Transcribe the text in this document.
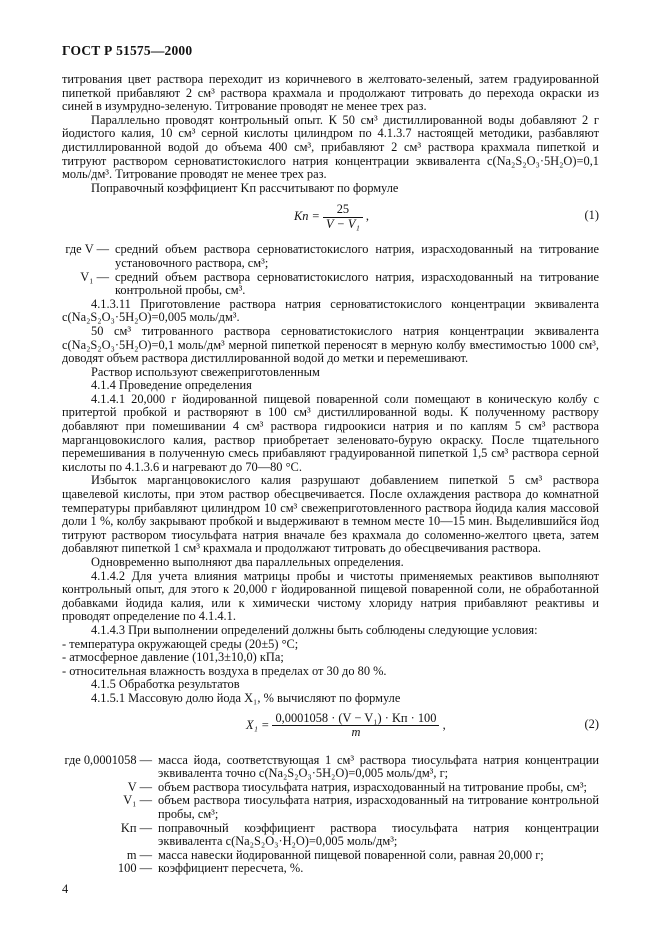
ГОСТ Р 51575—2000

титрования цвет раствора переходит из коричневого в желтовато-зеленый, затем градуированной пипеткой прибавляют 2 см³ раствора крахмала и продолжают титровать до перехода окраски из синей в изумрудно-зеленую. Титрование проводят не менее трех раз.

Параллельно проводят контрольный опыт. К 50 см³ дистиллированной воды добавляют 2 г йодистого калия, 10 см³ серной кислоты цилиндром по 4.1.3.7 настоящей методики, разбавляют дистиллированной водой до объема 400 см³, прибавляют 2 см³ раствора крахмала пипеткой и титруют раствором серноватистокислого натрия концентрации эквивалента c(Na₂S₂O₃·5H₂O)=0,1 моль/дм³. Титрование проводят не менее трех раз.

Поправочный коэффициент Kп рассчитывают по формуле

Kп = $\frac{25}{\text{V − V₁}}$ ,	(1)
где V — средний объем раствора серноватистокислого натрия, израсходованный на титрование установочного раствора, см³;
V₁ — средний объем раствора серноватистокислого натрия, израсходованный на титрование контрольной пробы, см³.

4.1.3.11 Приготовление раствора натрия серноватистокислого концентрации эквивалента c(Na₂S₂O₃·5H₂O)=0,005 моль/дм³.

50 см³ титрованного раствора серноватистокислого натрия концентрации эквивалента c(Na₂S₂O₃·5H₂O)=0,1 моль/дм³ мерной пипеткой переносят в мерную колбу вместимостью 1000 см³, доводят объем раствора дистиллированной водой до метки и перемешивают.

Раствор используют свежеприготовленным

4.1.4 Проведение определения

4.1.4.1 20,000 г йодированной пищевой поваренной соли помещают в коническую колбу с притертой пробкой и растворяют в 100 см³ дистиллированной воды. К полученному раствору добавляют при помешивании 4 см³ раствора гидроокиси натрия и по каплям 5 см³ раствора марганцовокислого калия, раствор приобретает зеленовато-бурую окраску. После тщательного перемешивания в полученную смесь прибавляют градуированной пипеткой 1,5 см³ раствора серной кислоты по 4.1.3.6 и нагревают до 70—80 °С.

Избыток марганцовокислого калия разрушают добавлением пипеткой 5 см³ раствора щавелевой кислоты, при этом раствор обесцвечивается. После охлаждения раствора до комнатной температуры прибавляют цилиндром 10 см³ свежеприготовленного раствора йодида калия массовой доли 1 %, колбу закрывают пробкой и выдерживают в темном месте 10—15 мин. Выделившийся йод титруют раствором тиосульфата натрия вначале без крахмала до соломенно-желтого цвета, затем добавляют пипеткой 1 см³ крахмала и продолжают титровать до обесцвечивания раствора.

Одновременно выполняют два параллельных определения.

4.1.4.2 Для учета влияния матрицы пробы и чистоты применяемых реактивов выполняют контрольный опыт, для этого к 20,000 г йодированной пищевой поваренной соли, не обработанной добавками йодида калия, или к химически чистому хлориду натрия прибавляют реактивы и проводят определение по 4.1.4.1.

4.1.4.3 При выполнении определений должны быть соблюдены следующие условия:

- температура окружающей среды (20±5) °С;

- атмосферное давление (101,3±10,0) кПа;

- относительная влажность воздуха в пределах от 30 до 80 %.

4.1.5 Обработка результатов

4.1.5.1 Массовую долю йода X₁, % вычисляют по формуле

$X_1 = \frac{\text{0,0001058 · (V − V₁) · Kп · 100}}{m}$ ,	(2)
где 0,0001058 — масса йода, соответствующая 1 см³ раствора тиосульфата натрия концентрации эквивалента точно c(Na₂S₂O₃·5H₂O)=0,005 моль/дм³, г;
V — объем раствора тиосульфата натрия, израсходованный на титрование пробы, см³;
V₁ — объем раствора тиосульфата натрия, израсходованный на титрование контрольной пробы, см³;
Kп — поправочный коэффициент раствора тиосульфата натрия концентрации эквивалента c(Na₂S₂O₃·H₂O)=0,005 моль/дм³;
m — масса навески йодированной пищевой поваренной соли, равная 20,000 г;
100 — коэффициент пересчета, %.
4
